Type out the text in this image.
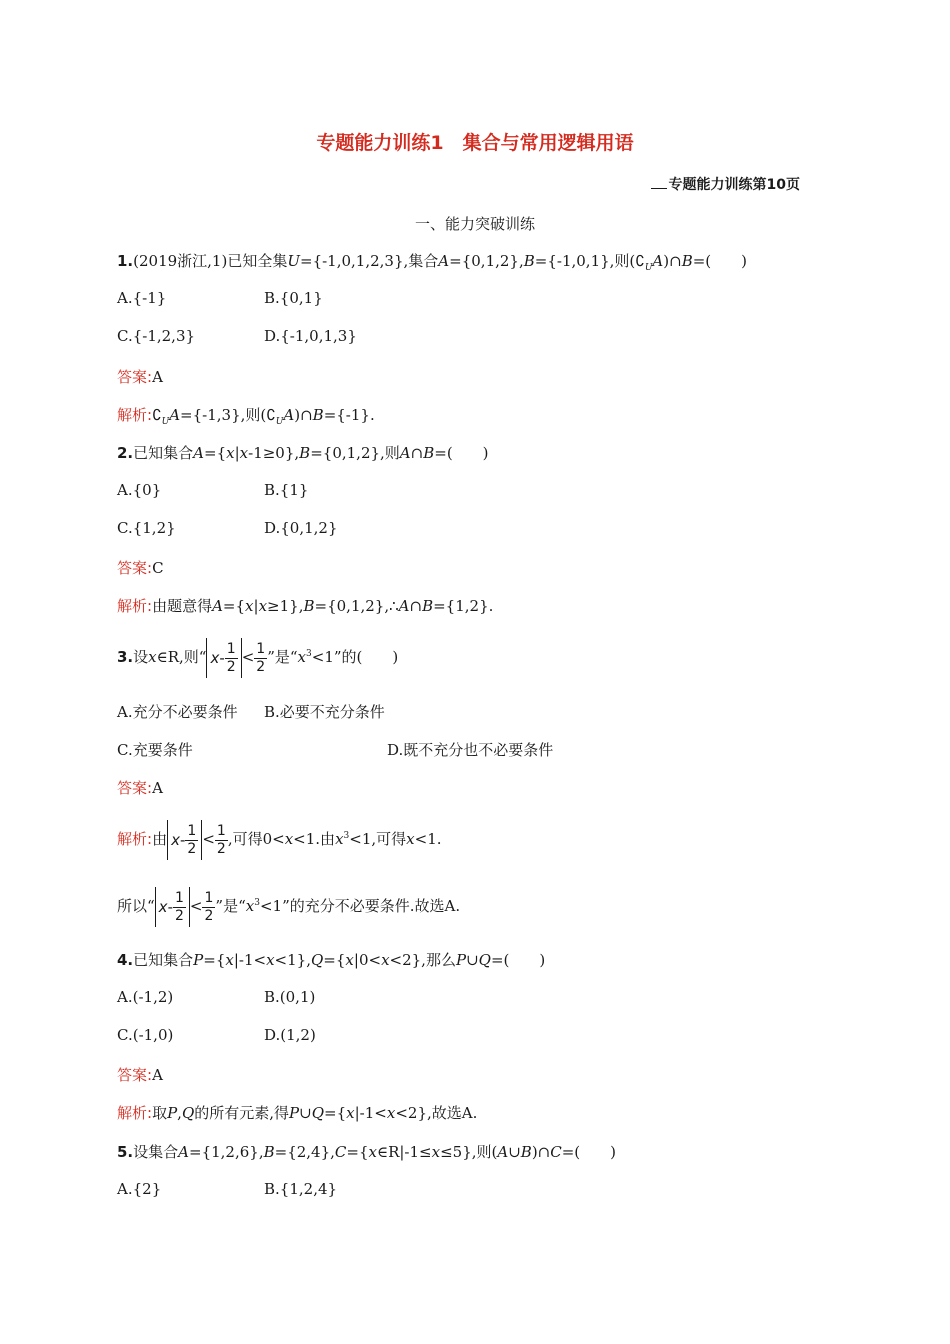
专题能力训练1　集合与常用逻辑用语
专题能力训练第10页
一、能力突破训练
1.(2019浙江,1)已知全集U={-1,0,1,2,3},集合A={0,1,2},B={-1,0,1},则$(∁_UA)\cap B=$(　　)
A.{-1}	B.{0,1}
C.{-1,2,3}	D.{-1,0,1,3}
答案:A
解析$:∁_UA=\{-1,3\}$,则$(∁_UA)\cap B=\{-1\}$.
2.已知集合A={x|x-1≥0},B={0,1,2},则A∩B=(　　)
A.{0}	B.{1}
C.{1,2}	D.{0,1,2}
答案:C
解析:由题意得A={x|x≥1},B={0,1,2},∴A∩B={1,2}.
3.设x∈R,则“ $x- \frac{1}{2} < \frac{1}{2}$ ”是“$x^3<1$”的(　　)
A.充分不必要条件 B.必要不充分条件
C.充要条件	D.既不充分也不必要条件
答案:A
解析:由 $x- \frac{1}{2} < \frac{1}{2}$ ,可得0<x<1.由$x^3<1$,可得x<1.
所以“ $x- \frac{1}{2} < \frac{1}{2}$ ”是“$x^3<1$”的充分不必要条件.故选A.
4.已知集合P={x|-1<x<1},Q={x|0<x<2},那么P∪Q=(　　)
A.(-1,2)	B.(0,1)
C.(-1,0)	D.(1,2)
答案:A
解析:取P,Q的所有元素,得P∪Q={x|-1<x<2},故选A.
5.设集合A={1,2,6},B={2,4},C={x∈R|-1≤x≤5},则(A∪B)∩C=(　　)
A.{2}	B.{1,2,4}
